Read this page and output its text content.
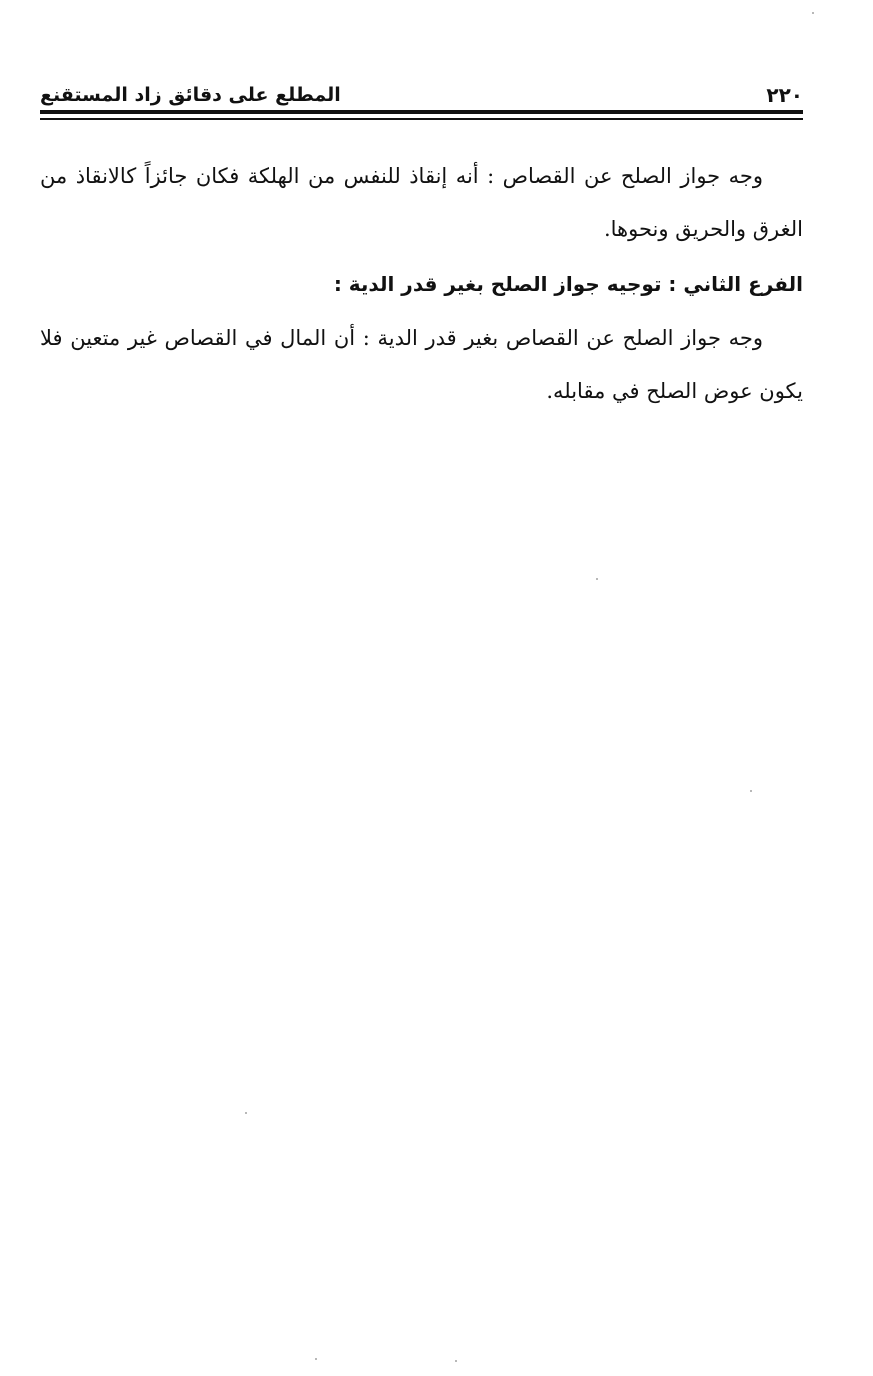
٢٢٠
المطلع على دقائق زاد المستقنع

وجه جواز الصلح عن القصاص : أنه إنقاذ للنفس من الهلكة فكان جائزاً كالانقاذ من الغرق والحريق ونحوها.

الفرع الثاني : توجيه جواز الصلح بغير قدر الدية :

وجه جواز الصلح عن القصاص بغير قدر الدية : أن المال في القصاص غير متعين فلا يكون عوض الصلح في مقابله.
